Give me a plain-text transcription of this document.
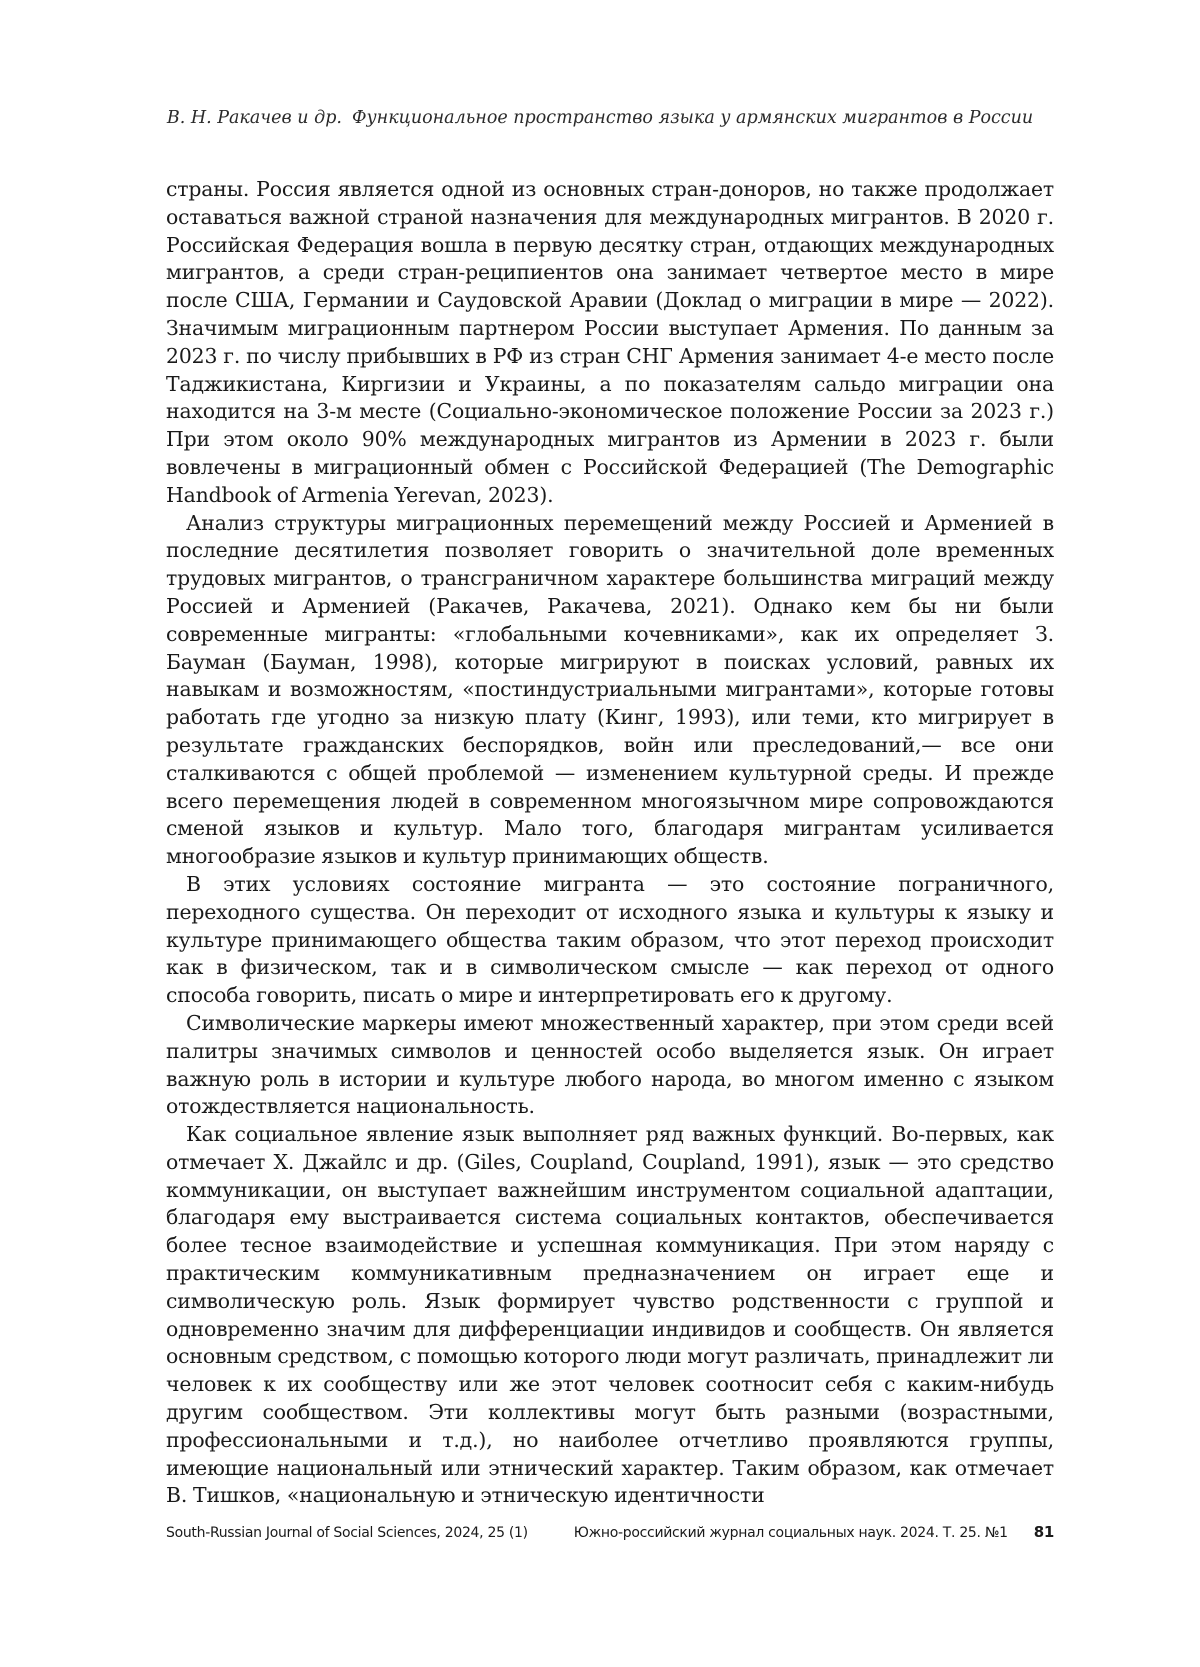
В. Н. Ракачев и др. Функциональное пространство языка у армянских мигрантов в России

страны. Россия является одной из основных стран-доноров, но также продолжает оставаться важной страной назначения для международных мигрантов. В 2020 г. Российская Федерация вошла в первую десятку стран, отдающих международных мигрантов, а среди стран-реципиентов она занимает четвертое место в мире после США, Германии и Саудовской Аравии (Доклад о миграции в мире — 2022). Значимым миграционным партнером России выступает Армения. По данным за 2023 г. по числу прибывших в РФ из стран СНГ Армения занимает 4-е место после Таджикистана, Киргизии и Украины, а по показателям сальдо миграции она находится на 3-м месте (Социально-экономическое положение России за 2023 г.) При этом около 90% международных мигрантов из Армении в 2023 г. были вовлечены в миграционный обмен с Российской Федерацией (The Demographic Handbook of Armenia Yerevan, 2023).

Анализ структуры миграционных перемещений между Россией и Арменией в последние десятилетия позволяет говорить о значительной доле временных трудовых мигрантов, о трансграничном характере большинства миграций между Россией и Арменией (Ракачев, Ракачева, 2021). Однако кем бы ни были современные мигранты: «глобальными кочевниками», как их определяет З. Бауман (Бауман, 1998), которые мигрируют в поисках условий, равных их навыкам и возможностям, «постиндустриальными мигрантами», которые готовы работать где угодно за низкую плату (Кинг, 1993), или теми, кто мигрирует в результате гражданских беспорядков, войн или преследований,— все они сталкиваются с общей проблемой — изменением культурной среды. И прежде всего перемещения людей в современном многоязычном мире сопровождаются сменой языков и культур. Мало того, благодаря мигрантам усиливается многообразие языков и культур принимающих обществ.

В этих условиях состояние мигранта — это состояние пограничного, переходного существа. Он переходит от исходного языка и культуры к языку и культуре принимающего общества таким образом, что этот переход происходит как в физическом, так и в символическом смысле — как переход от одного способа говорить, писать о мире и интерпретировать его к другому.

Символические маркеры имеют множественный характер, при этом среди всей палитры значимых символов и ценностей особо выделяется язык. Он играет важную роль в истории и культуре любого народа, во многом именно с языком отождествляется национальность.

Как социальное явление язык выполняет ряд важных функций. Во-первых, как отмечает Х. Джайлс и др. (Giles, Coupland, Coupland, 1991), язык — это средство коммуникации, он выступает важнейшим инструментом социальной адаптации, благодаря ему выстраивается система социальных контактов, обеспечивается более тесное взаимодействие и успешная коммуникация. При этом наряду с практическим коммуникативным предназначением он играет еще и символическую роль. Язык формирует чувство родственности с группой и одновременно значим для дифференциации индивидов и сообществ. Он является основным средством, с помощью которого люди могут различать, принадлежит ли человек к их сообществу или же этот человек соотносит себя с каким-нибудь другим сообществом. Эти коллективы могут быть разными (возрастными, профессиональными и т.д.), но наиболее отчетливо проявляются группы, имеющие национальный или этнический характер. Таким образом, как отмечает В. Тишков, «национальную и этническую идентичности

South-Russian Journal of Social Sciences, 2024, 25 (1)	Южно-российский журнал социальных наук. 2024. Т. 25. №1 81
